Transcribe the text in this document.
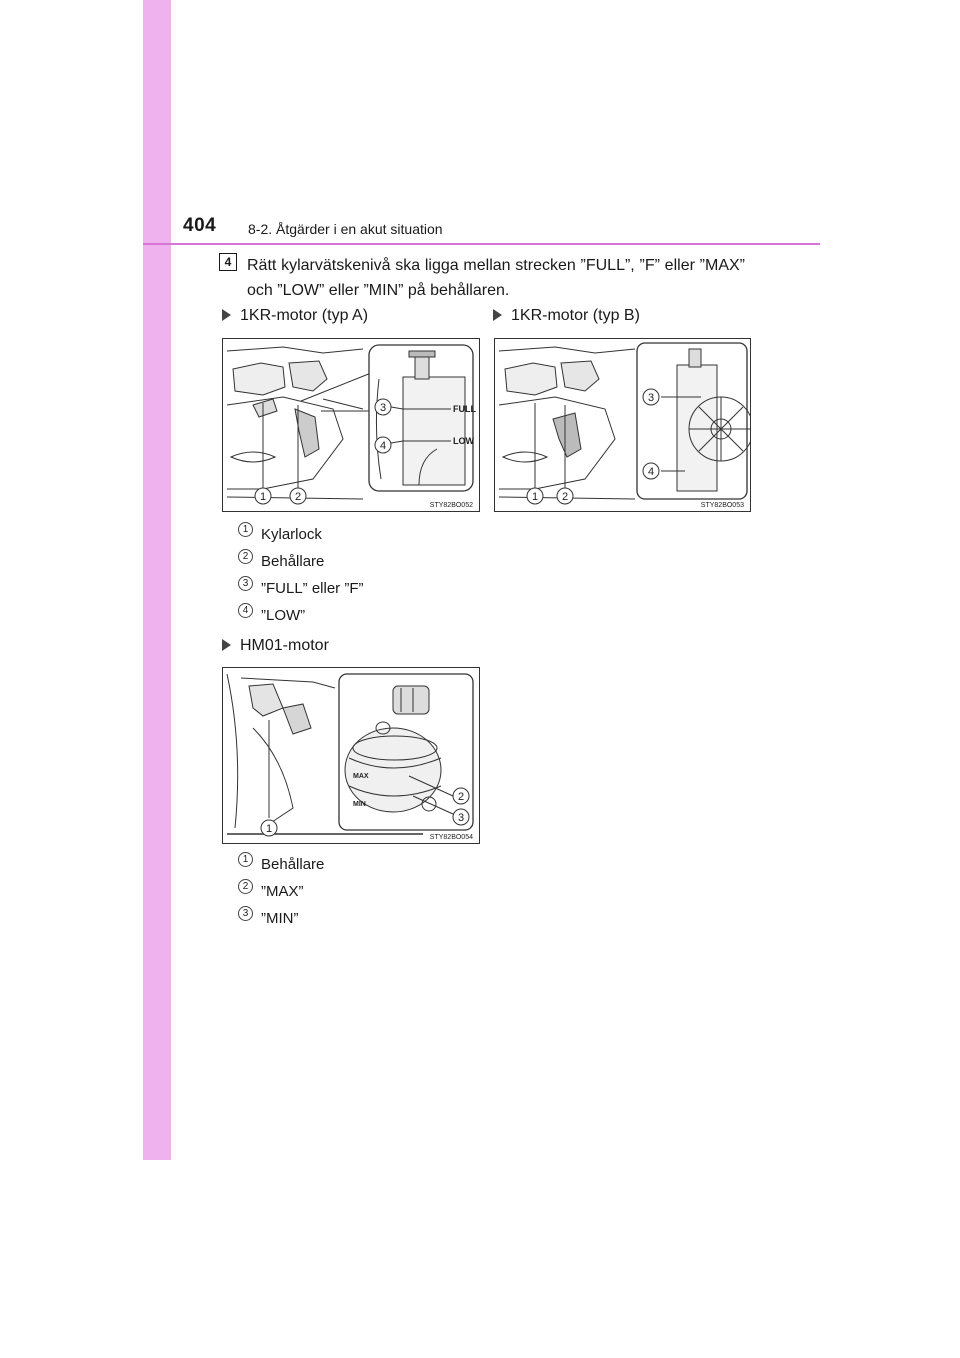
404 8-2. Åtgärder i en akut situation
4 Rätt kylarvätskenivå ska ligga mellan strecken ”FULL”, ”F” eller ”MAX” och ”LOW” eller ”MIN” på behållaren.
1KR-motor (typ A)	1KR-motor (typ B)
FULL
LOW
1	2
3
4
STY82BO052
1 2
3
4
STY82BO053
1 Kylarlock
2 Behållare
3 ”FULL” eller ”F”
4 ”LOW”
HM01-motor
MAX
MIN
1
2
3
STY82BO054
1 Behållare
2 ”MAX”
3 ”MIN”
